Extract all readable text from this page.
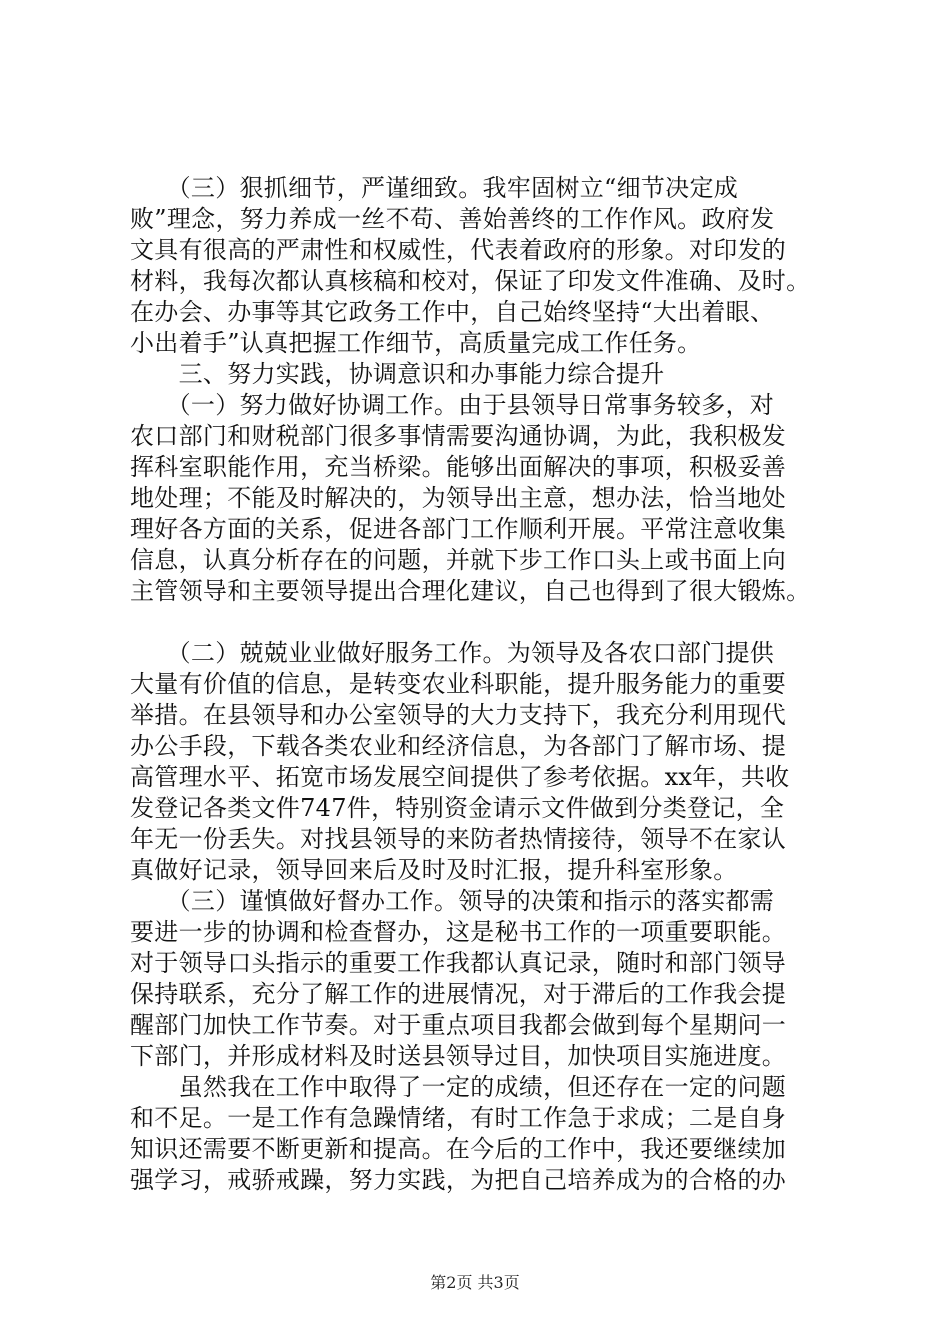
　　（三）狠抓细节，严谨细致。我牢固树立“细节决定成
败”理念，努力养成一丝不苟、善始善终的工作作风。政府发
文具有很高的严肃性和权威性，代表着政府的形象。对印发的
材料，我每次都认真核稿和校对，保证了印发文件准确、及时。
在办会、办事等其它政务工作中，自己始终坚持“大出着眼、
小出着手”认真把握工作细节，高质量完成工作任务。
　　三、努力实践，协调意识和办事能力综合提升
　　（一）努力做好协调工作。由于县领导日常事务较多，对
农口部门和财税部门很多事情需要沟通协调，为此，我积极发
挥科室职能作用，充当桥梁。能够出面解决的事项，积极妥善
地处理；不能及时解决的，为领导出主意，想办法，恰当地处
理好各方面的关系，促进各部门工作顺利开展。平常注意收集
信息，认真分析存在的问题，并就下步工作口头上或书面上向
主管领导和主要领导提出合理化建议，自己也得到了很大锻炼。
　　（二）兢兢业业做好服务工作。为领导及各农口部门提供
大量有价值的信息，是转变农业科职能，提升服务能力的重要
举措。在县领导和办公室领导的大力支持下，我充分利用现代
办公手段，下载各类农业和经济信息，为各部门了解市场、提
高管理水平、拓宽市场发展空间提供了参考依据。xx年，共收
发登记各类文件747件，特别资金请示文件做到分类登记，全
年无一份丢失。对找县领导的来防者热情接待，领导不在家认
真做好记录，领导回来后及时及时汇报，提升科室形象。
　　（三）谨慎做好督办工作。领导的决策和指示的落实都需
要进一步的协调和检查督办，这是秘书工作的一项重要职能。
对于领导口头指示的重要工作我都认真记录，随时和部门领导
保持联系，充分了解工作的进展情况，对于滞后的工作我会提
醒部门加快工作节奏。对于重点项目我都会做到每个星期问一
下部门，并形成材料及时送县领导过目，加快项目实施进度。
　　虽然我在工作中取得了一定的成绩，但还存在一定的问题
和不足。一是工作有急躁情绪，有时工作急于求成；二是自身
知识还需要不断更新和提高。在今后的工作中，我还要继续加
强学习，戒骄戒躁，努力实践，为把自己培养成为的合格的办
第2页 共3页
